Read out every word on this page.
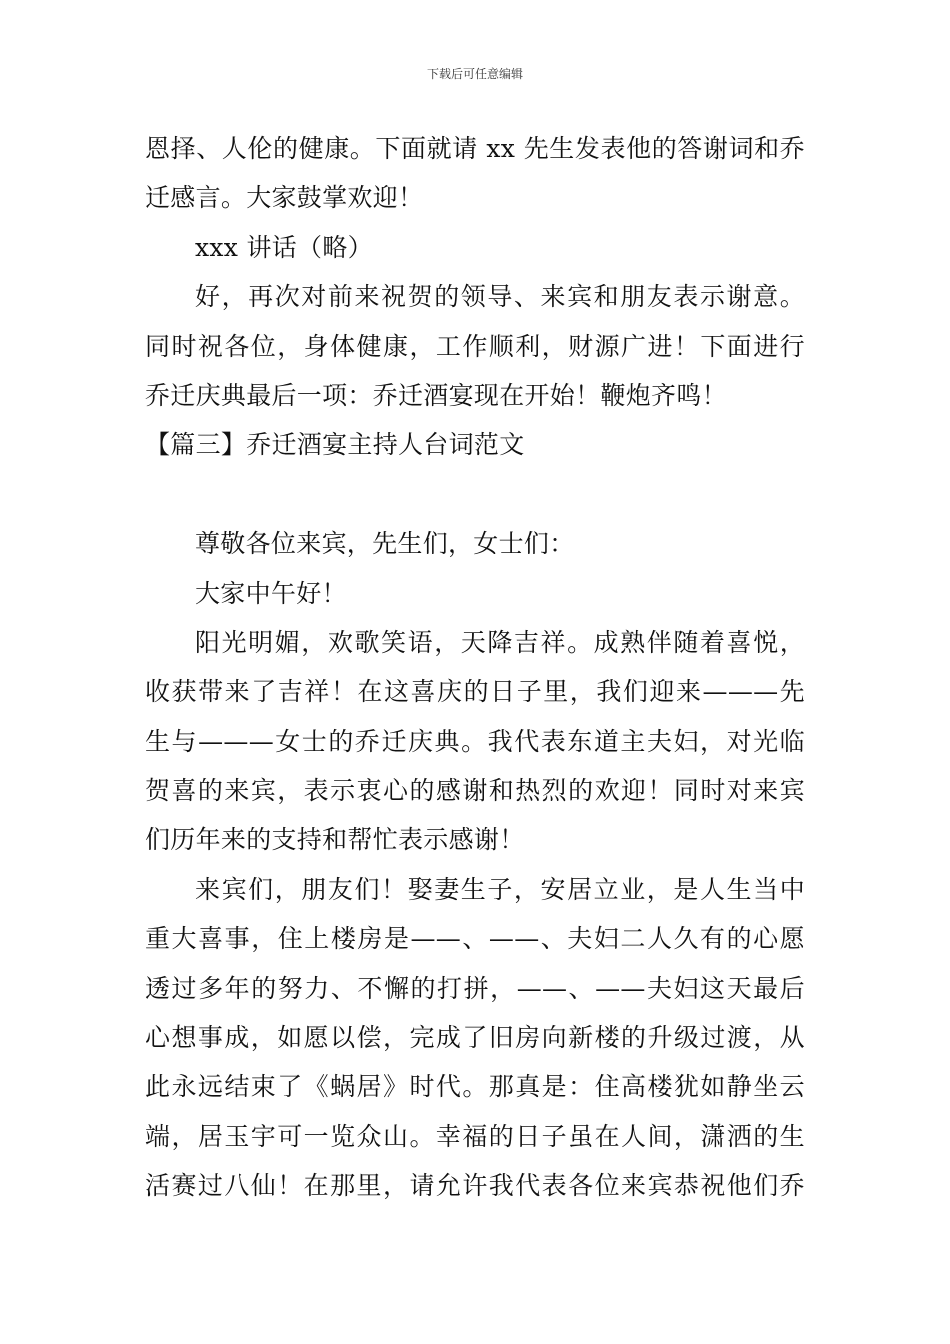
下载后可任意编辑
恩择、人伦的健康。下面就请 xx 先生发表他的答谢词和乔
迁感言。大家鼓掌欢迎！
xxx 讲话（略）
好，再次对前来祝贺的领导、来宾和朋友表示谢意。
同时祝各位，身体健康，工作顺利，财源广进！下面进行
乔迁庆典最后一项：乔迁酒宴现在开始！鞭炮齐鸣！
【篇三】乔迁酒宴主持人台词范文
尊敬各位来宾，先生们，女士们：
大家中午好！
阳光明媚，欢歌笑语，天降吉祥。成熟伴随着喜悦，
收获带来了吉祥！在这喜庆的日子里，我们迎来———先
生与———女士的乔迁庆典。我代表东道主夫妇，对光临
贺喜的来宾，表示衷心的感谢和热烈的欢迎！同时对来宾
们历年来的支持和帮忙表示感谢！
来宾们，朋友们！娶妻生子，安居立业，是人生当中
重大喜事，住上楼房是——、——、夫妇二人久有的心愿
透过多年的努力、不懈的打拼，——、——夫妇这天最后
心想事成，如愿以偿，完成了旧房向新楼的升级过渡，从
此永远结束了《蜗居》时代。那真是：住高楼犹如静坐云
端，居玉宇可一览众山。幸福的日子虽在人间，潇洒的生
活赛过八仙！在那里，请允许我代表各位来宾恭祝他们乔
